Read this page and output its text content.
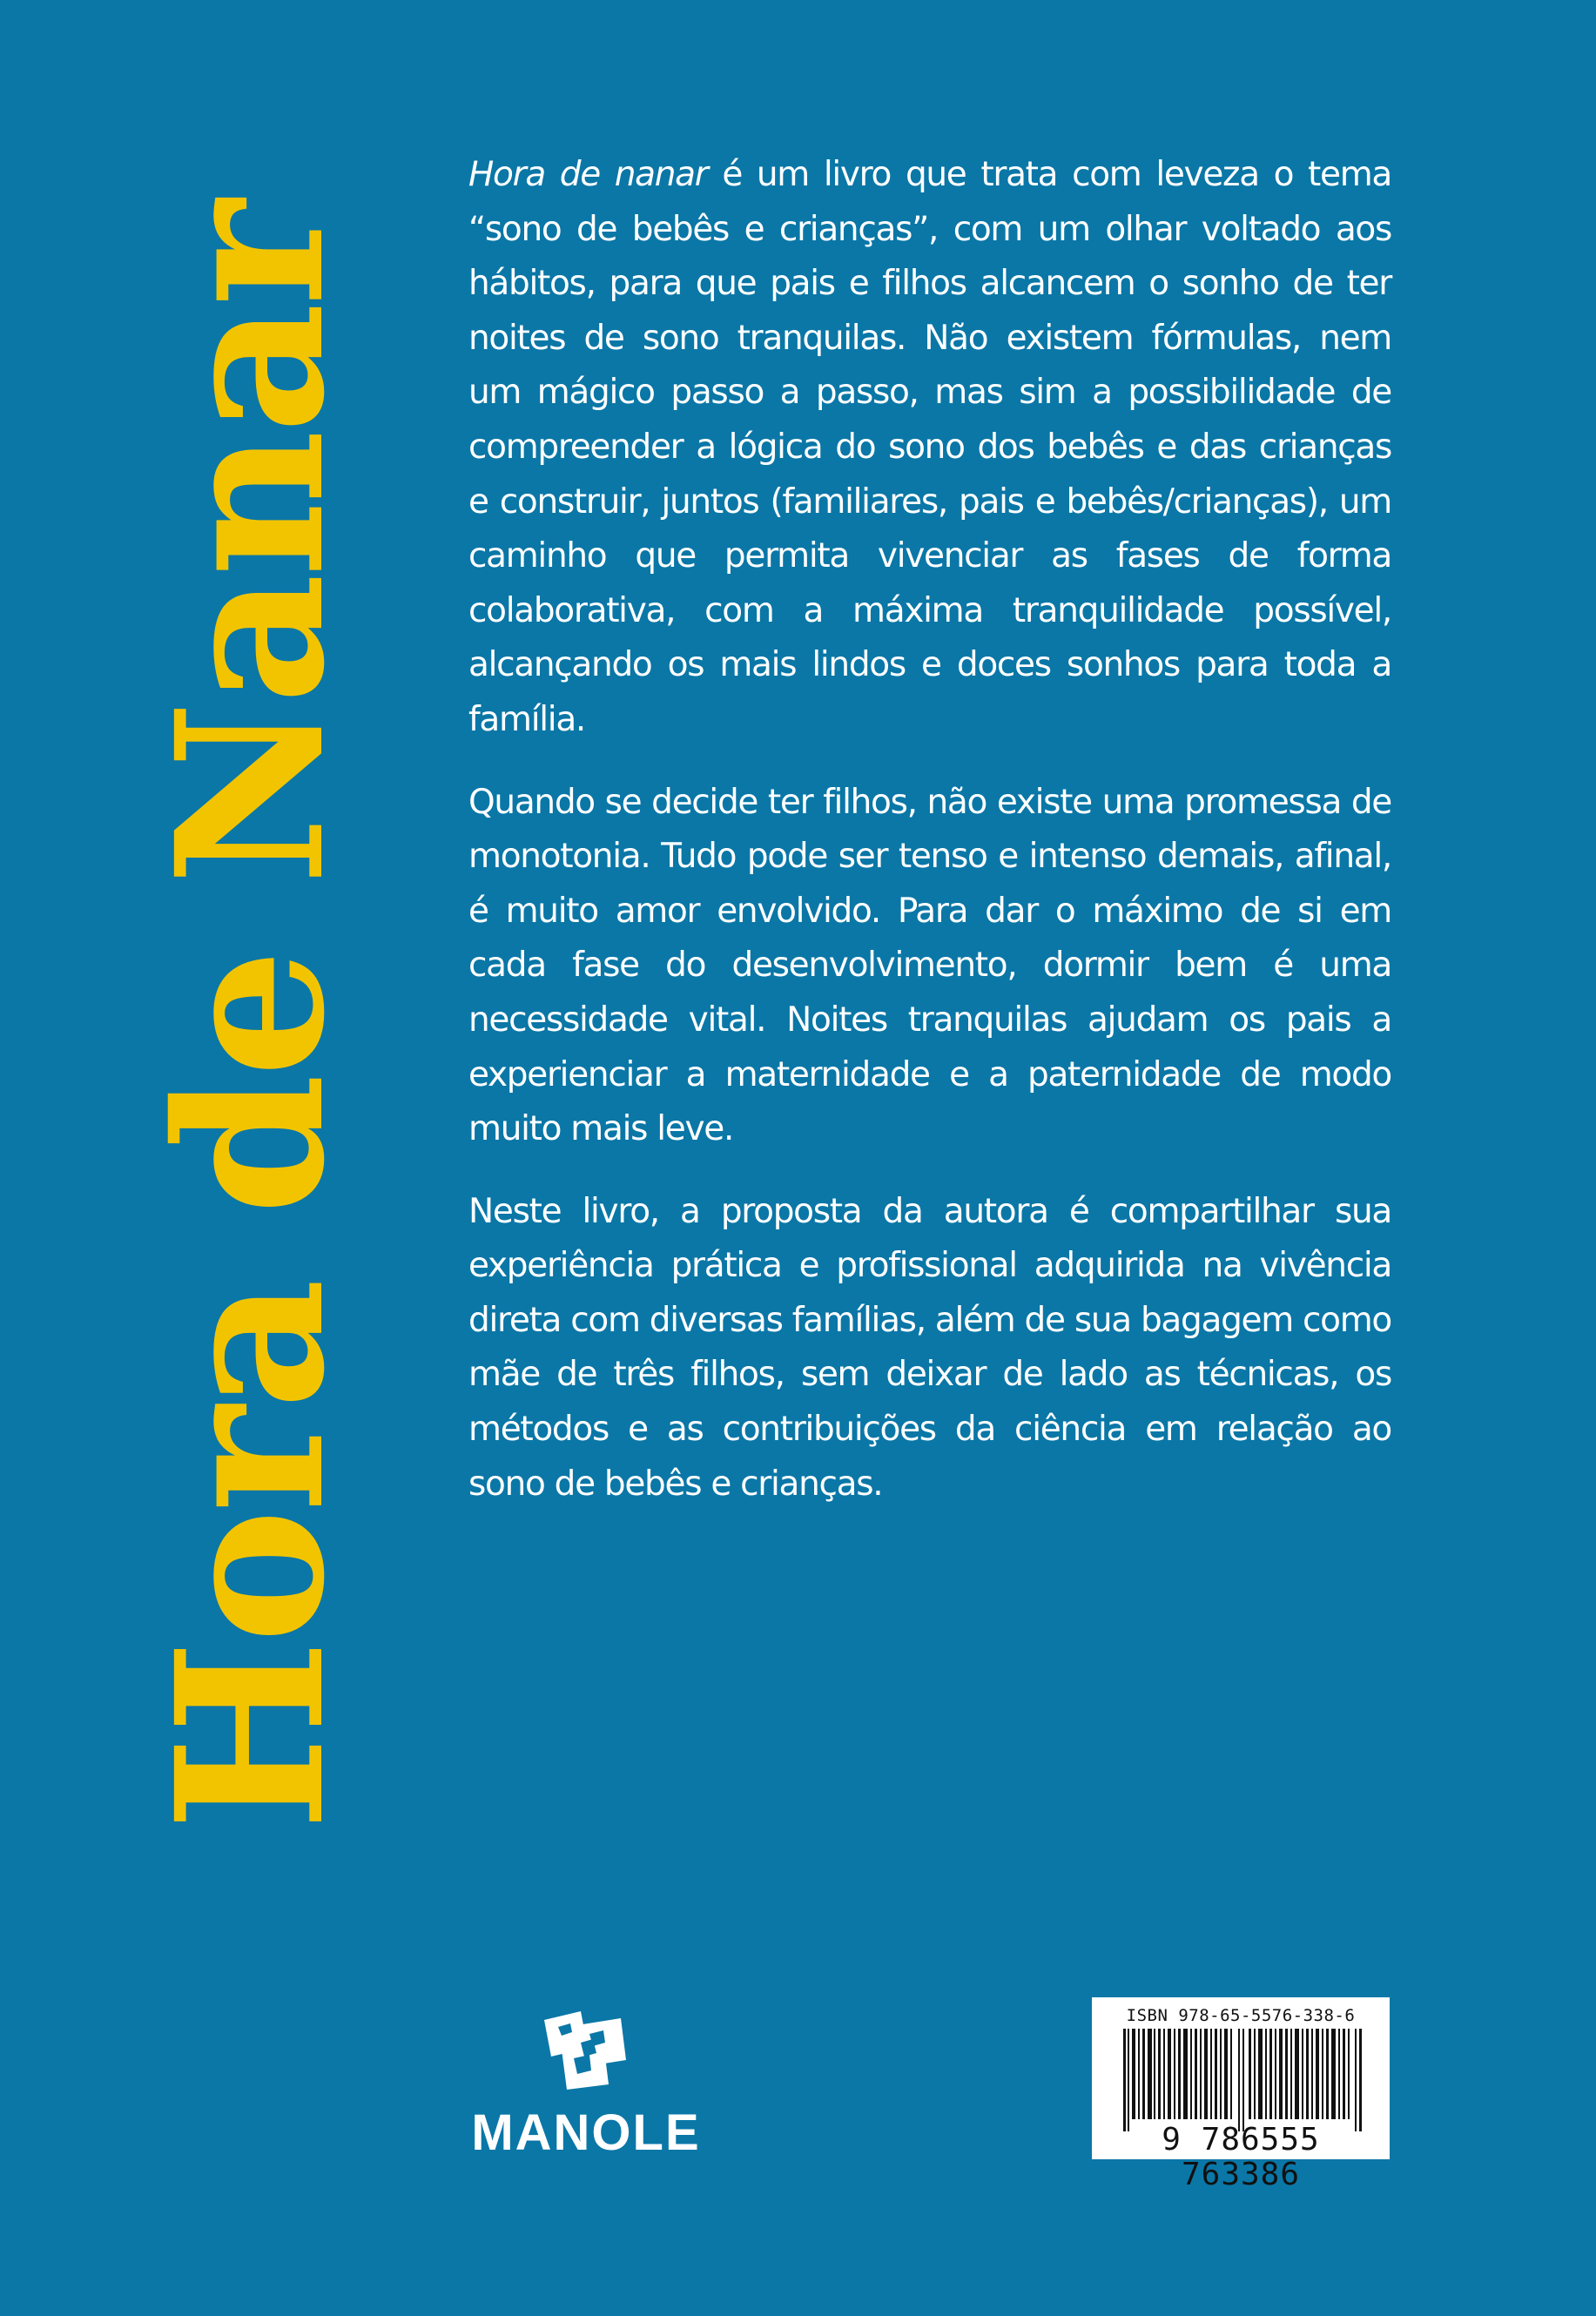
Hora de Nanar

Hora de nanar é um livro que trata com leveza o tema “sono de bebês e crianças”, com um olhar voltado aos hábitos, para que pais e filhos alcancem o sonho de ter noites de sono tranquilas. Não existem fórmulas, nem um mágico passo a passo, mas sim a possibilidade de compreender a lógica do sono dos bebês e das crianças e construir, juntos (familiares, pais e bebês/crianças), um caminho que permita vivenciar as fases de forma colaborativa, com a máxima tranquilidade possível, alcançando os mais lindos e doces sonhos para toda a família.

Quando se decide ter filhos, não existe uma promessa de monotonia. Tudo pode ser tenso e intenso demais, afinal, é muito amor envolvido. Para dar o máximo de si em cada fase do desenvolvimento, dormir bem é uma necessidade vital. Noites tranquilas ajudam os pais a experienciar a maternidade e a paternidade de modo muito mais leve.

Neste livro, a proposta da autora é compartilhar sua experiência prática e profissional adquirida na vivência direta com diversas famílias, além de sua bagagem como mãe de três filhos, sem deixar de lado as técnicas, os métodos e as contribuições da ciência em relação ao sono de bebês e crianças.

MANOLE
ISBN 978-65-5576-338-6
9 786555 763386
